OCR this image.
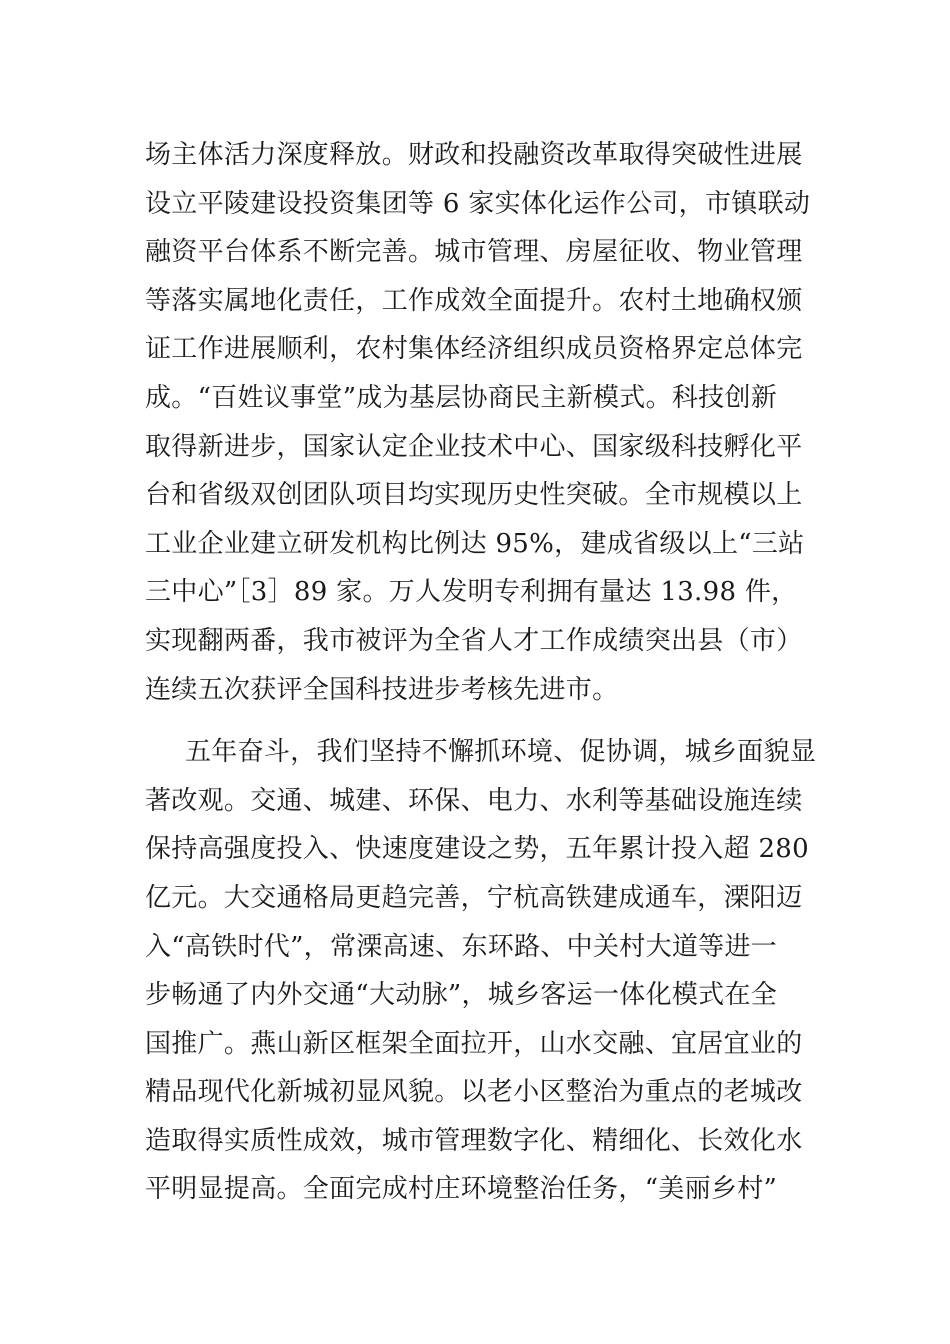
场主体活力深度释放。财政和投融资改革取得突破性进展
设立平陵建设投资集团等 6 家实体化运作公司，市镇联动
融资平台体系不断完善。城市管理、房屋征收、物业管理
等落实属地化责任，工作成效全面提升。农村土地确权颁
证工作进展顺利，农村集体经济组织成员资格界定总体完
成。“百姓议事堂”成为基层协商民主新模式。科技创新
取得新进步，国家认定企业技术中心、国家级科技孵化平
台和省级双创团队项目均实现历史性突破。全市规模以上
工业企业建立研发机构比例达 95%，建成省级以上“三站
三中心”［3］89 家。万人发明专利拥有量达 13.98 件，
实现翻两番，我市被评为全省人才工作成绩突出县（市）
连续五次获评全国科技进步考核先进市。
五年奋斗，我们坚持不懈抓环境、促协调，城乡面貌显
著改观。交通、城建、环保、电力、水利等基础设施连续
保持高强度投入、快速度建设之势，五年累计投入超 280
亿元。大交通格局更趋完善，宁杭高铁建成通车，溧阳迈
入“高铁时代”，常溧高速、东环路、中关村大道等进一
步畅通了内外交通“大动脉”，城乡客运一体化模式在全
国推广。燕山新区框架全面拉开，山水交融、宜居宜业的
精品现代化新城初显风貌。以老小区整治为重点的老城改
造取得实质性成效，城市管理数字化、精细化、长效化水
平明显提高。全面完成村庄环境整治任务，“美丽乡村”
